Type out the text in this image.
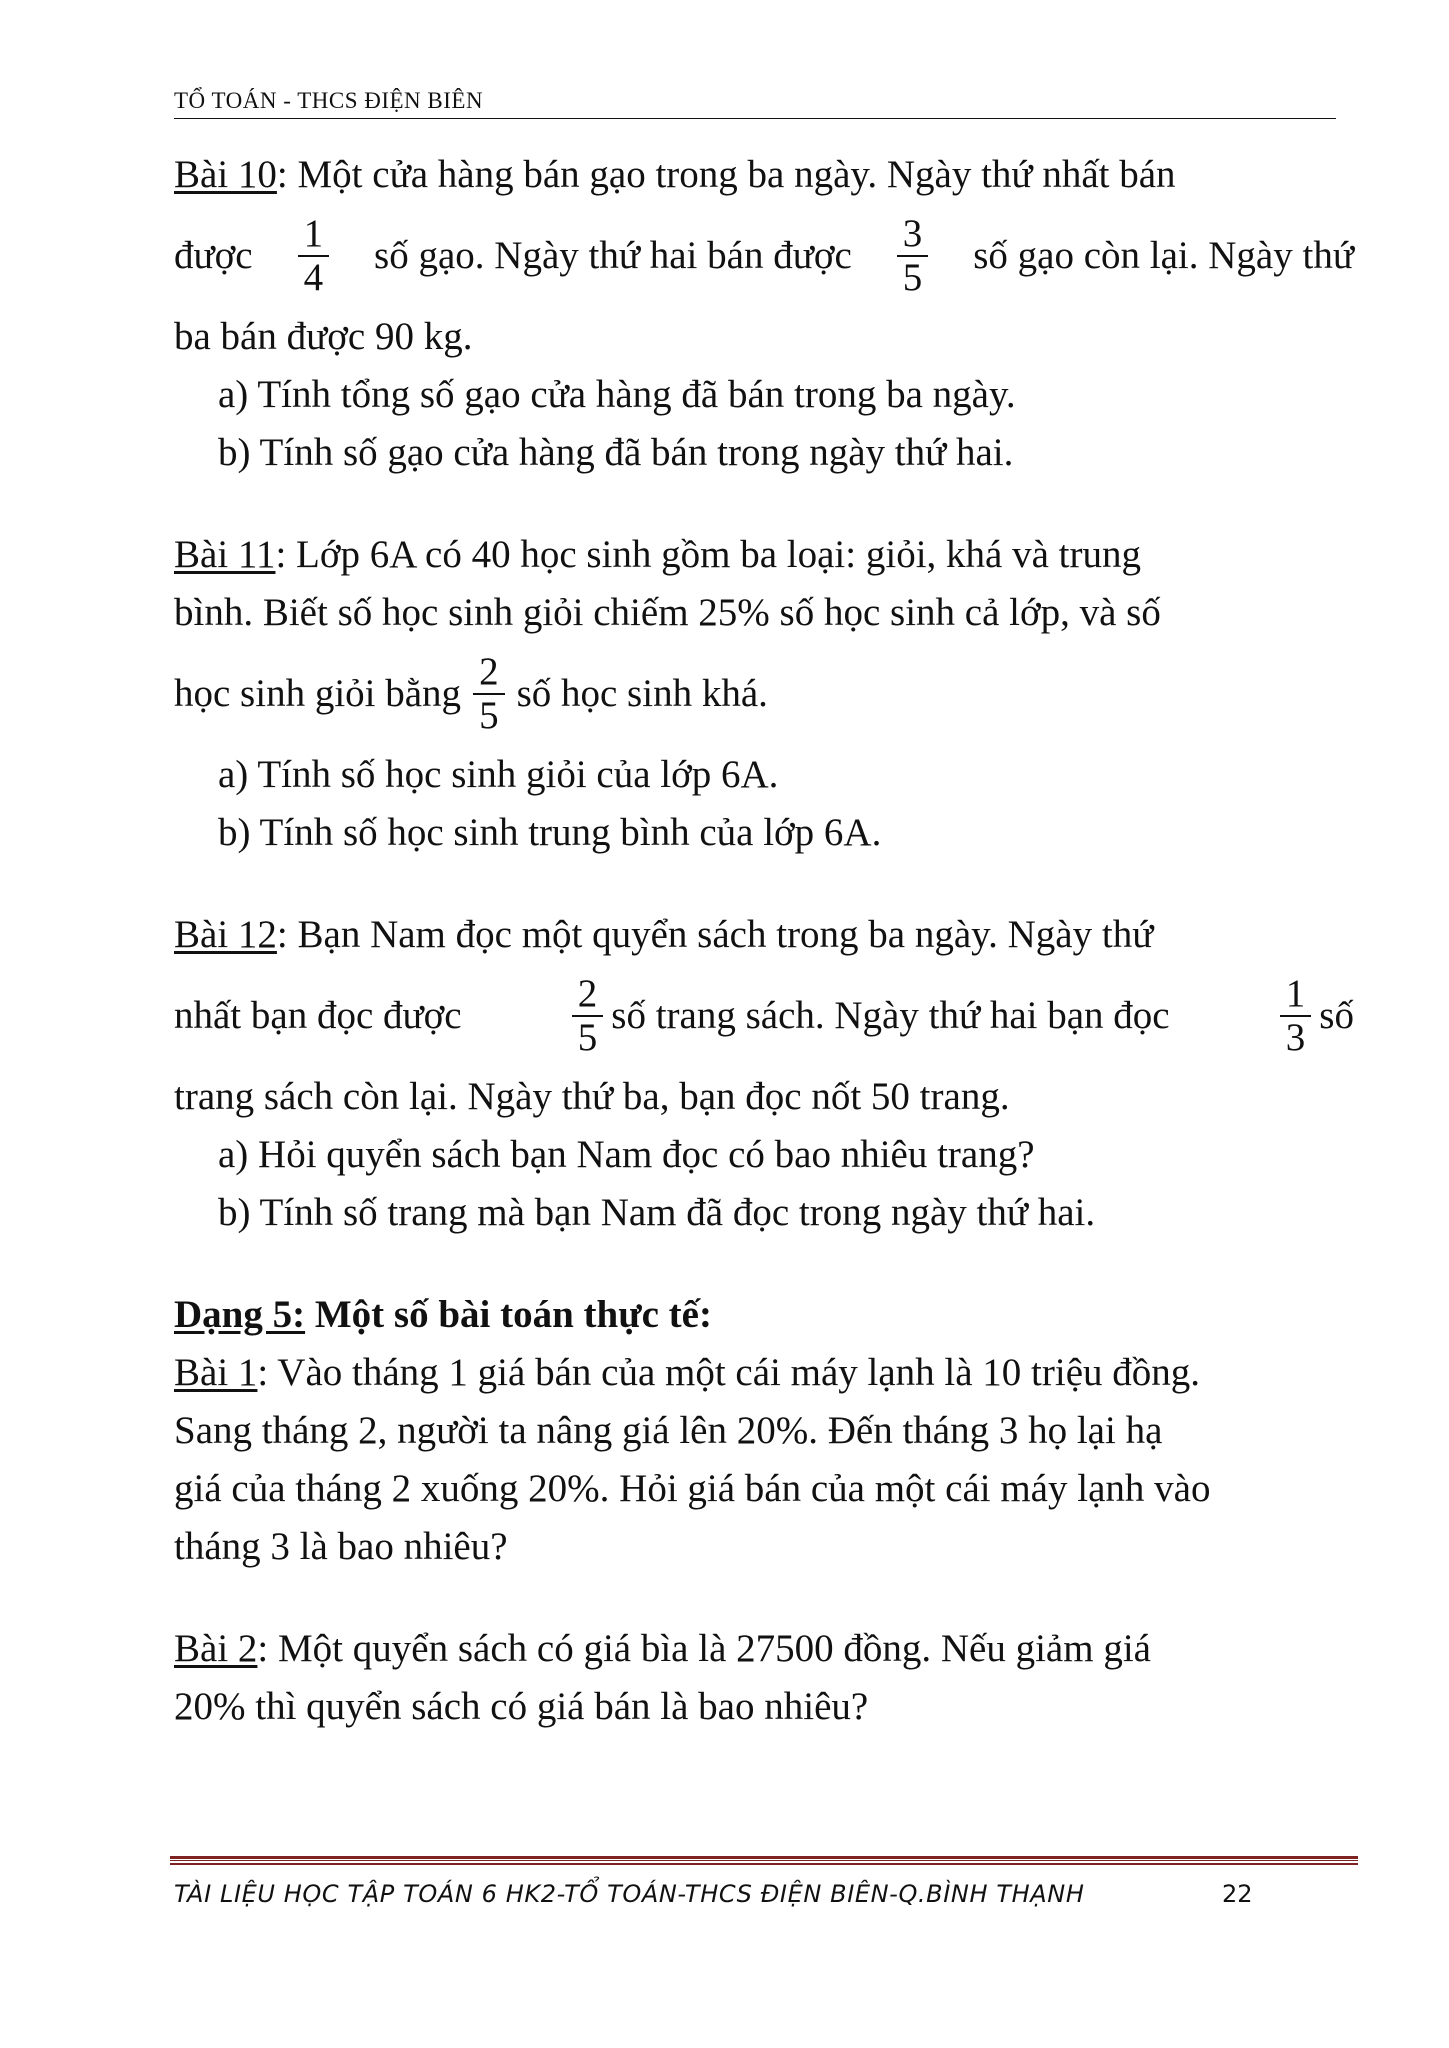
TỔ TOÁN - THCS ĐIỆN BIÊN

Bài 10: Một cửa hàng bán gạo trong ba ngày. Ngày thứ nhất bán

được $\frac{1}{4}$ số gạo. Ngày thứ hai bán được $\frac{3}{5}$ số gạo còn lại. Ngày thứ

ba bán được 90 kg.

a) Tính tổng số gạo cửa hàng đã bán trong ba ngày.

b) Tính số gạo cửa hàng đã bán trong ngày thứ hai.

Bài 11: Lớp 6A có 40 học sinh gồm ba loại: giỏi, khá và trung

bình. Biết số học sinh giỏi chiếm 25% số học sinh cả lớp, và số

học sinh giỏi bằng $\frac{2}{5}$ số học sinh khá.

a) Tính số học sinh giỏi của lớp 6A.

b) Tính số học sinh trung bình của lớp 6A.

Bài 12: Bạn Nam đọc một quyển sách trong ba ngày. Ngày thứ

nhất bạn đọc được	$\frac{2}{5}$ số trang sách. Ngày thứ hai bạn đọc	$\frac{1}{3}$ số

trang sách còn lại. Ngày thứ ba, bạn đọc nốt 50 trang.

a) Hỏi quyển sách bạn Nam đọc có bao nhiêu trang?

b) Tính số trang mà bạn Nam đã đọc trong ngày thứ hai.

Dạng 5: Một số bài toán thực tế:

Bài 1: Vào tháng 1 giá bán của một cái máy lạnh là 10 triệu đồng.

Sang tháng 2, người ta nâng giá lên 20%. Đến tháng 3 họ lại hạ

giá của tháng 2 xuống 20%. Hỏi giá bán của một cái máy lạnh vào

tháng 3 là bao nhiêu?

Bài 2: Một quyển sách có giá bìa là 27500 đồng. Nếu giảm giá

20% thì quyển sách có giá bán là bao nhiêu?

TÀI LIỆU HỌC TẬP TOÁN 6 HK2-TỔ TOÁN-THCS ĐIỆN BIÊN-Q.BÌNH THẠNH	22
